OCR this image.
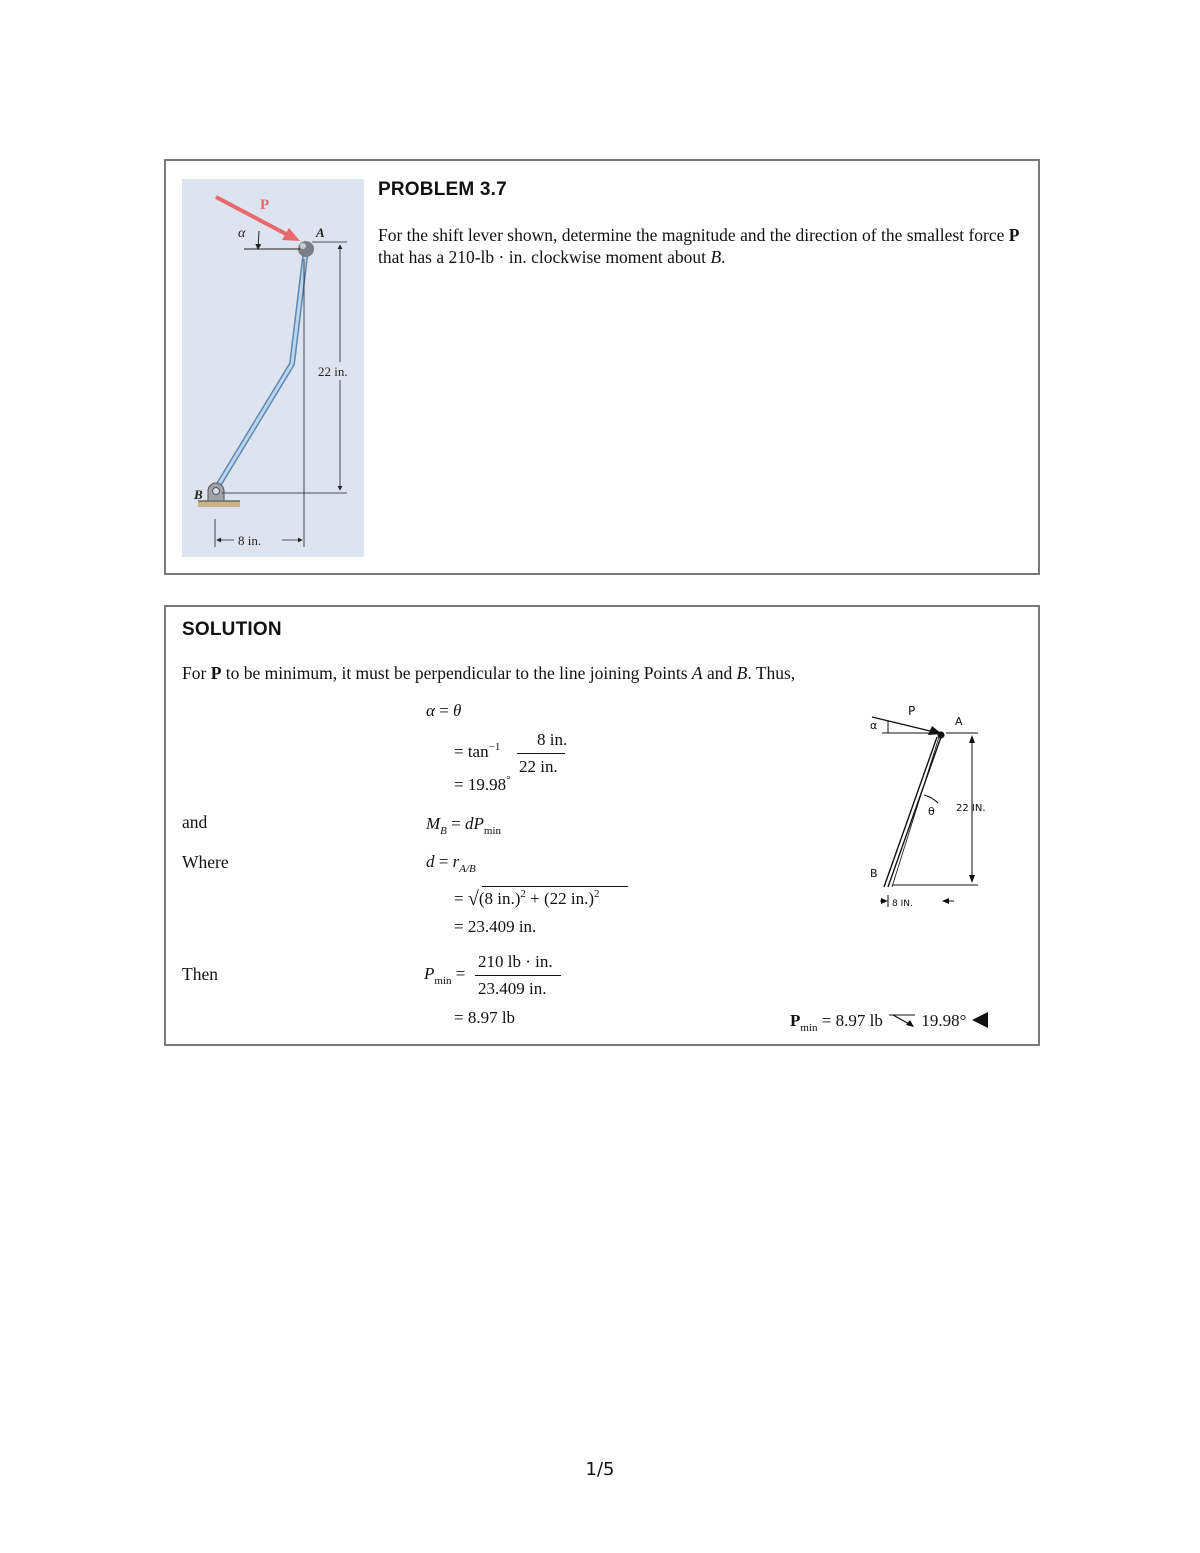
P
α	A
B
22 in.
8 in.
PROBLEM 3.7
For the shift lever shown, determine the magnitude and the direction of the smallest force P that has a 210-lb · in. clockwise moment about B.
SOLUTION
For P to be minimum, it must be perpendicular to the line joining Points A and B. Thus,
α = θ
= $\tan^{-1} 8$ in.
22 in.
= 19.98°
and	$M_B = dP_{min}$
Where	$d = r_{A/B}$
= √(8 in.)$^2$ + (22 in.)$^2$
= 23.409 in.
Then	$P_{min}$ =
210 lb · in.
23.409 in.
= 8.97 lb	$P_{min} = 8.97$ lb 19.98°
P
α	A
θ 22 IN.
B
8 IN.
1/5
